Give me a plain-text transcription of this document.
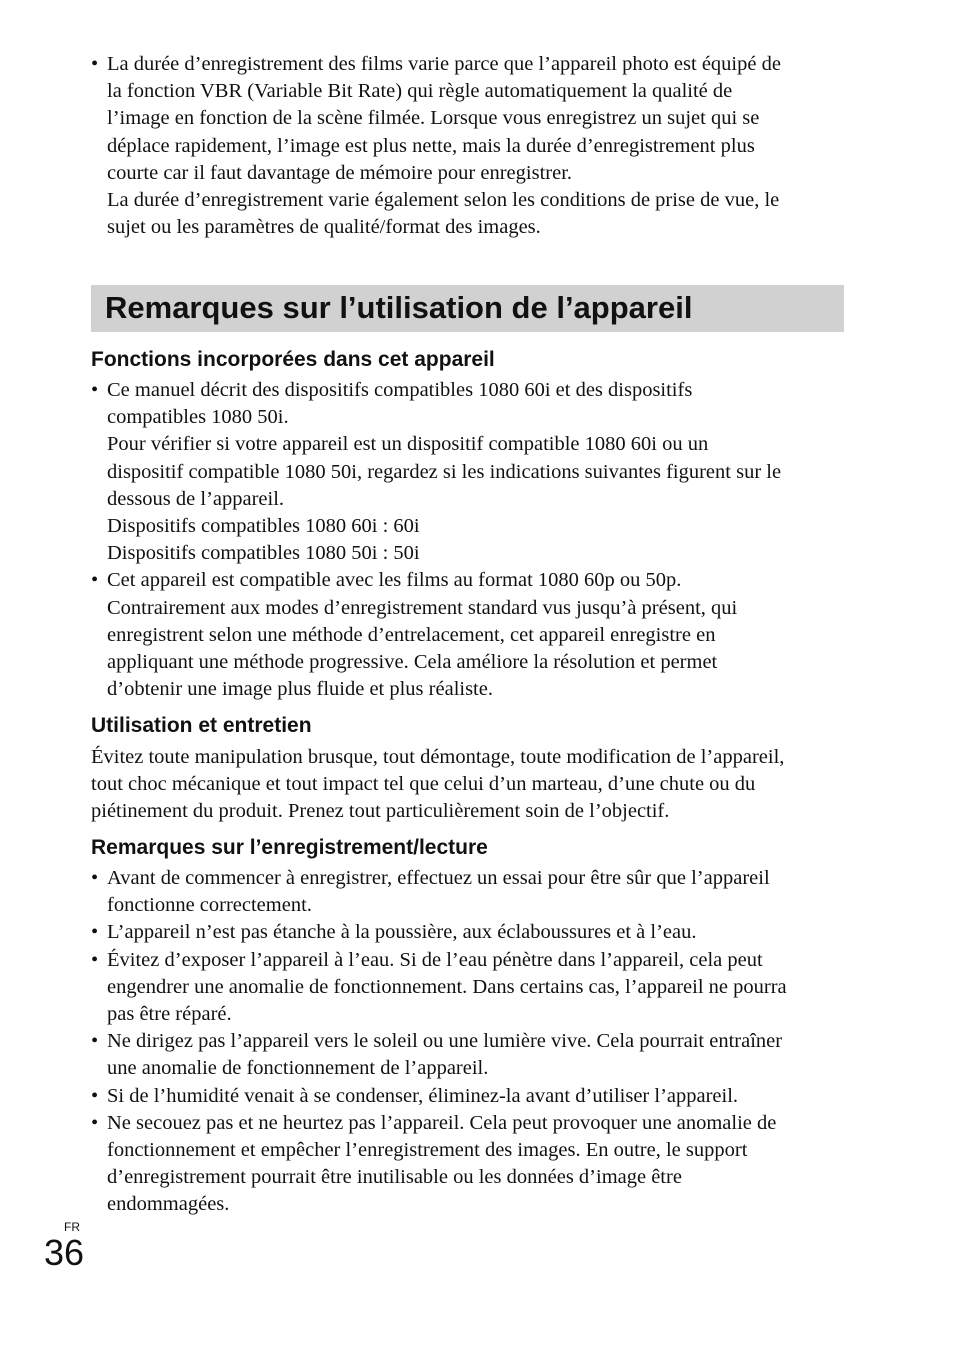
• La durée d’enregistrement des films varie parce que l’appareil photo est équipé de
la fonction VBR (Variable Bit Rate) qui règle automatiquement la qualité de
l’image en fonction de la scène filmée. Lorsque vous enregistrez un sujet qui se
déplace rapidement, l’image est plus nette, mais la durée d’enregistrement plus
courte car il faut davantage de mémoire pour enregistrer.
La durée d’enregistrement varie également selon les conditions de prise de vue, le
sujet ou les paramètres de qualité/format des images.
Remarques sur l’utilisation de l’appareil
Fonctions incorporées dans cet appareil
• Ce manuel décrit des dispositifs compatibles 1080 60i et des dispositifs
compatibles 1080 50i.
Pour vérifier si votre appareil est un dispositif compatible 1080 60i ou un
dispositif compatible 1080 50i, regardez si les indications suivantes figurent sur le
dessous de l’appareil.
Dispositifs compatibles 1080 60i : 60i
Dispositifs compatibles 1080 50i : 50i
• Cet appareil est compatible avec les films au format 1080 60p ou 50p.
Contrairement aux modes d’enregistrement standard vus jusqu’à présent, qui
enregistrent selon une méthode d’entrelacement, cet appareil enregistre en
appliquant une méthode progressive. Cela améliore la résolution et permet
d’obtenir une image plus fluide et plus réaliste.
Utilisation et entretien
Évitez toute manipulation brusque, tout démontage, toute modification de l’appareil,
tout choc mécanique et tout impact tel que celui d’un marteau, d’une chute ou du
piétinement du produit. Prenez tout particulièrement soin de l’objectif.
Remarques sur l’enregistrement/lecture
• Avant de commencer à enregistrer, effectuez un essai pour être sûr que l’appareil
fonctionne correctement.
• L’appareil n’est pas étanche à la poussière, aux éclaboussures et à l’eau.
• Évitez d’exposer l’appareil à l’eau. Si de l’eau pénètre dans l’appareil, cela peut
engendrer une anomalie de fonctionnement. Dans certains cas, l’appareil ne pourra
pas être réparé.
• Ne dirigez pas l’appareil vers le soleil ou une lumière vive. Cela pourrait entraîner
une anomalie de fonctionnement de l’appareil.
• Si de l’humidité venait à se condenser, éliminez-la avant d’utiliser l’appareil.
• Ne secouez pas et ne heurtez pas l’appareil. Cela peut provoquer une anomalie de
fonctionnement et empêcher l’enregistrement des images. En outre, le support
d’enregistrement pourrait être inutilisable ou les données d’image être
endommagées.
FR
36
